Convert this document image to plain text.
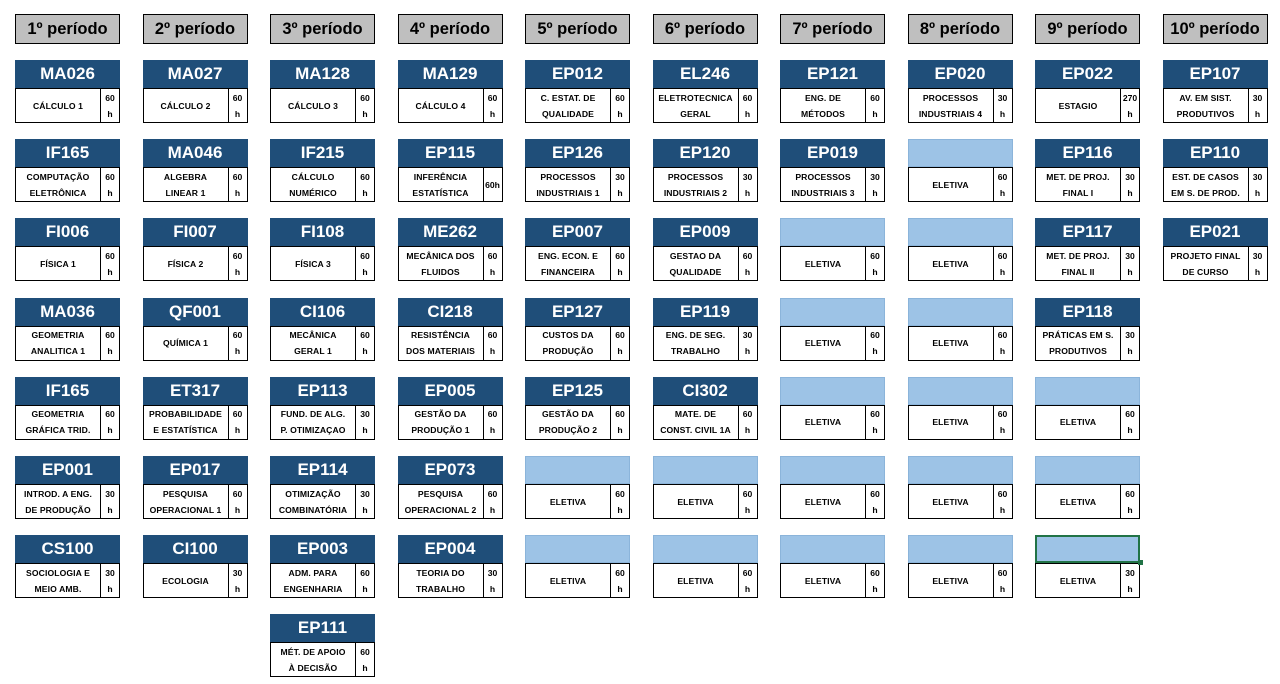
1º período	2º período	3º período	4º período	5º período	6º período	7º período	8º período	9º período	10º período
MA026
CÁLCULO 1
60
h
IF165
COMPUTAÇÃO
ELETRÔNICA
60
h
FI006
FÍSICA 1
60
h
MA036
GEOMETRIA
ANALITICA 1
60
h
IF165
GEOMETRIA
GRÁFICA TRID.
60
h
EP001
INTROD. A ENG.
DE PRODUÇÃO
30
h
CS100
SOCIOLOGIA E
MEIO AMB.
30
h
MA027
CÁLCULO 2
60
h
MA046
ALGEBRA
LINEAR 1
60
h
FI007
FÍSICA 2
60
h
QF001
QUÍMICA 1
60
h
ET317
PROBABILIDADE
E ESTATÍSTICA
60
h
EP017
PESQUISA
OPERACIONAL 1
60
h
CI100
ECOLOGIA
30
h
MA128
CÁLCULO 3
60
h
IF215
CÁLCULO
NUMÉRICO
60
h
FI108
FÍSICA 3
60
h
CI106
MECÂNICA
GERAL 1
60
h
EP113
FUND. DE ALG.
P. OTIMIZAÇAO
30
h
EP114
OTIMIZAÇÃO
COMBINATÓRIA
30
h
EP003
ADM. PARA
ENGENHARIA
60
h
EP111
MÉT. DE APOIO
À DECISÃO
60
h
MA129
CÁLCULO 4
60
h
EP115
INFERÊNCIA
ESTATÍSTICA
60h
ME262
MECÂNICA DOS
FLUIDOS
60
h
CI218
RESISTÊNCIA
DOS MATERIAIS
60
h
EP005
GESTÃO DA
PRODUÇÃO 1
60
h
EP073
PESQUISA
OPERACIONAL 2
60
h
EP004
TEORIA DO
TRABALHO
30
h
EP012
C. ESTAT. DE
QUALIDADE
60
h
EP126
PROCESSOS
INDUSTRIAIS 1
30
h
EP007
ENG. ECON. E
FINANCEIRA
60
h
EP127
CUSTOS DA
PRODUÇÃO
60
h
EP125
GESTÃO DA
PRODUÇÃO 2
60
h
ELETIVA
60
h
ELETIVA
60
h
EL246
ELETROTECNICA
GERAL
60
h
EP120
PROCESSOS
INDUSTRIAIS 2
30
h
EP009
GESTAO DA
QUALIDADE
60
h
EP119
ENG. DE SEG.
TRABALHO
30
h
CI302
MATE. DE
CONST. CIVIL 1A
60
h
ELETIVA
60
h
ELETIVA
60
h
EP121
ENG. DE
MÉTODOS
60
h
EP019
PROCESSOS
INDUSTRIAIS 3
30
h
ELETIVA
60
h
ELETIVA
60
h
ELETIVA
60
h
ELETIVA
60
h
ELETIVA
60
h
EP020
PROCESSOS
INDUSTRIAIS 4
30
h
ELETIVA
60
h
ELETIVA
60
h
ELETIVA
60
h
ELETIVA
60
h
ELETIVA
60
h
ELETIVA
60
h
EP022
ESTAGIO
270
h
EP116
MET. DE PROJ.
FINAL I
30
h
EP117
MET. DE PROJ.
FINAL II
30
h
EP118
PRÁTICAS EM S.
PRODUTIVOS
30
h
ELETIVA
60
h
ELETIVA
60
h
ELETIVA
30
h
EP107
AV. EM SIST.
PRODUTIVOS
30
h
EP110
EST. DE CASOS
EM S. DE PROD.
30
h
EP021
PROJETO FINAL
DE CURSO
30
h
